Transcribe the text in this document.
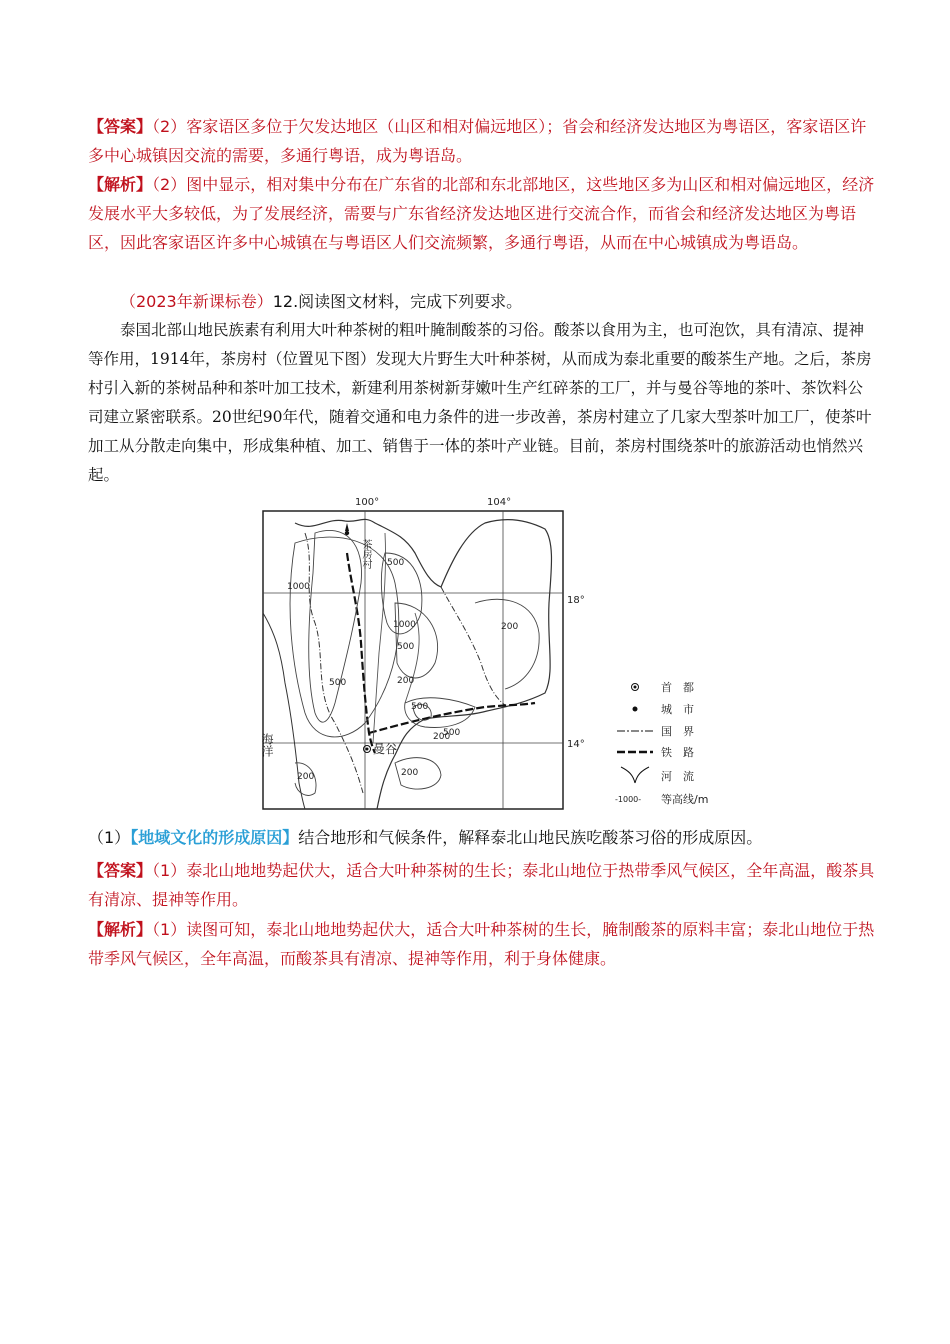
【答案】（2）客家语区多位于欠发达地区（山区和相对偏远地区）；省会和经济发达地区为粤语区，客家语区许多中心城镇因交流的需要，多通行粤语，成为粤语岛。

【解析】（2）图中显示，相对集中分布在广东省的北部和东北部地区，这些地区多为山区和相对偏远地区，经济发展水平大多较低，为了发展经济，需要与广东省经济发达地区进行交流合作，而省会和经济发达地区为粤语区，因此客家语区许多中心城镇在与粤语区人们交流频繁，多通行粤语，从而在中心城镇成为粤语岛。

（2023年新课标卷）12.阅读图文材料，完成下列要求。

泰国北部山地民族素有利用大叶种茶树的粗叶腌制酸茶的习俗。酸茶以食用为主，也可泡饮，具有清凉、提神等作用，1914年，茶房村（位置见下图）发现大片野生大叶种茶树，从而成为泰北重要的酸茶生产地。之后，茶房村引入新的茶树品种和茶叶加工技术，新建利用茶树新芽嫩叶生产红碎茶的工厂，并与曼谷等地的茶叶、茶饮料公司建立紧密联系。20世纪90年代，随着交通和电力条件的进一步改善，茶房村建立了几家大型茶叶加工厂，使茶叶加工从分散走向集中，形成集种植、加工、销售于一体的茶叶产业链。目前，茶房村围绕茶叶的旅游活动也悄然兴起。

100°	104°
18°
14°
500
1000
1000
500
200
500
200
500
500
200
200
200
茶房村
曼谷
海洋
首　都
城　市
国　界
铁　路
河　流
-1000- 等高线/m

（1）【地域文化的形成原因】结合地形和气候条件，解释泰北山地民族吃酸茶习俗的形成原因。

【答案】（1）泰北山地地势起伏大，适合大叶种茶树的生长；泰北山地位于热带季风气候区，全年高温，酸茶具有清凉、提神等作用。

【解析】（1）读图可知，泰北山地地势起伏大，适合大叶种茶树的生长，腌制酸茶的原料丰富；泰北山地位于热带季风气候区，全年高温，而酸茶具有清凉、提神等作用，利于身体健康。
